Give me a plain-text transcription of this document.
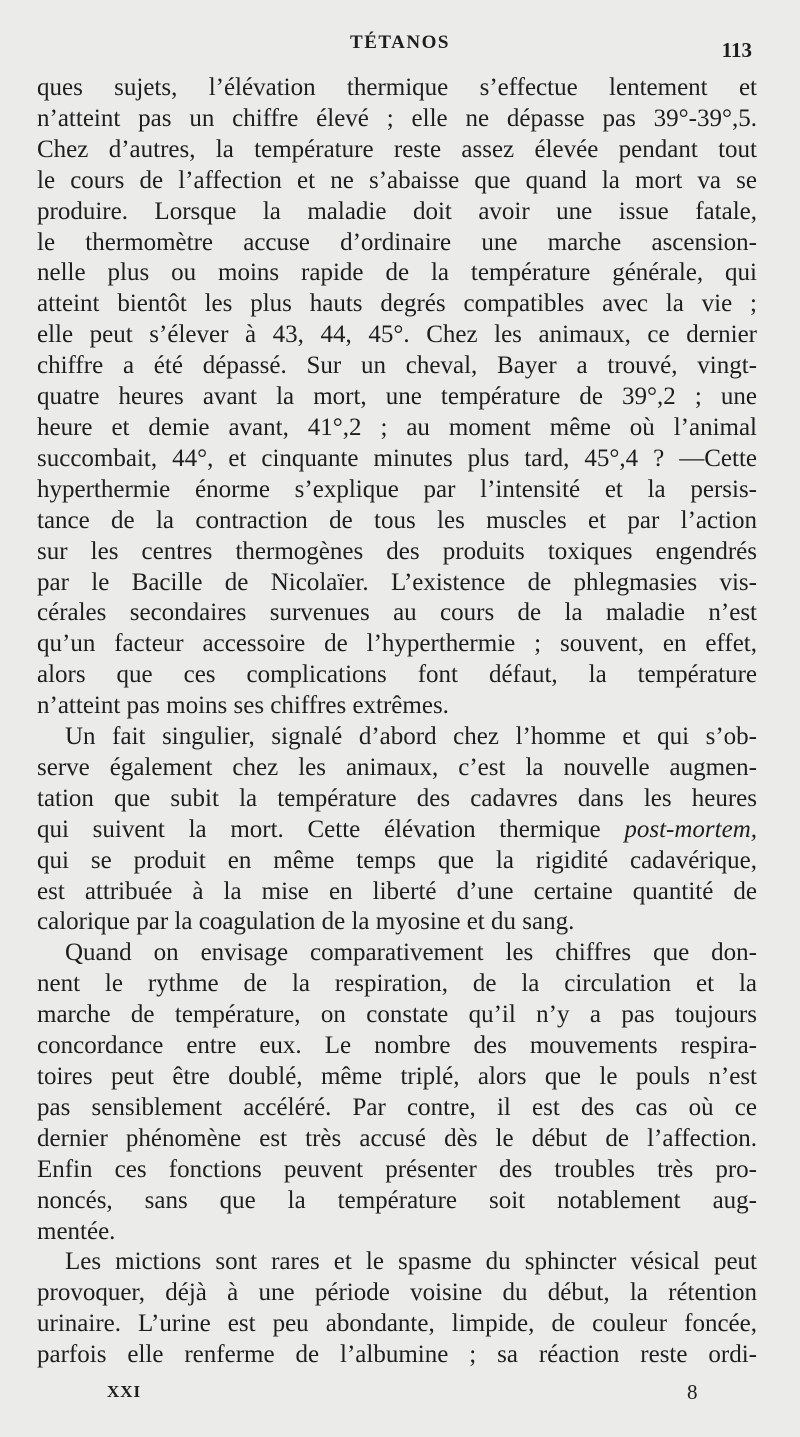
TÉTANOS	113

ques sujets, l’élévation thermique s’effectue lentement et

n’atteint pas un chiffre élevé ; elle ne dépasse pas 39°-39°,5.

Chez d’autres, la température reste assez élevée pendant tout

le cours de l’affection et ne s’abaisse que quand la mort va se

produire. Lorsque la maladie doit avoir une issue fatale,

le thermomètre accuse d’ordinaire une marche ascension-

nelle plus ou moins rapide de la température générale, qui

atteint bientôt les plus hauts degrés compatibles avec la vie ;

elle peut s’élever à 43, 44, 45°. Chez les animaux, ce dernier

chiffre a été dépassé. Sur un cheval, Bayer a trouvé, vingt-

quatre heures avant la mort, une température de 39°,2 ; une

heure et demie avant, 41°,2 ; au moment même où l’animal

succombait, 44°, et cinquante minutes plus tard, 45°,4 ? —Cette

hyperthermie énorme s’explique par l’intensité et la persis-

tance de la contraction de tous les muscles et par l’action

sur les centres thermogènes des produits toxiques engendrés

par le Bacille de Nicolaïer. L’existence de phlegmasies vis-

cérales secondaires survenues au cours de la maladie n’est

qu’un facteur accessoire de l’hyperthermie ; souvent, en effet,

alors que ces complications font défaut, la température

n’atteint pas moins ses chiffres extrêmes.

Un fait singulier, signalé d’abord chez l’homme et qui s’ob-

serve également chez les animaux, c’est la nouvelle augmen-

tation que subit la température des cadavres dans les heures

qui suivent la mort. Cette élévation thermique post-mortem,

qui se produit en même temps que la rigidité cadavérique,

est attribuée à la mise en liberté d’une certaine quantité de

calorique par la coagulation de la myosine et du sang.

Quand on envisage comparativement les chiffres que don-

nent le rythme de la respiration, de la circulation et la

marche de température, on constate qu’il n’y a pas toujours

concordance entre eux. Le nombre des mouvements respira-

toires peut être doublé, même triplé, alors que le pouls n’est

pas sensiblement accéléré. Par contre, il est des cas où ce

dernier phénomène est très accusé dès le début de l’affection.

Enfin ces fonctions peuvent présenter des troubles très pro-

noncés, sans que la température soit notablement aug-

mentée.

Les mictions sont rares et le spasme du sphincter vésical peut

provoquer, déjà à une période voisine du début, la rétention

urinaire. L’urine est peu abondante, limpide, de couleur foncée,

parfois elle renferme de l’albumine ; sa réaction reste ordi-

XXI	8
